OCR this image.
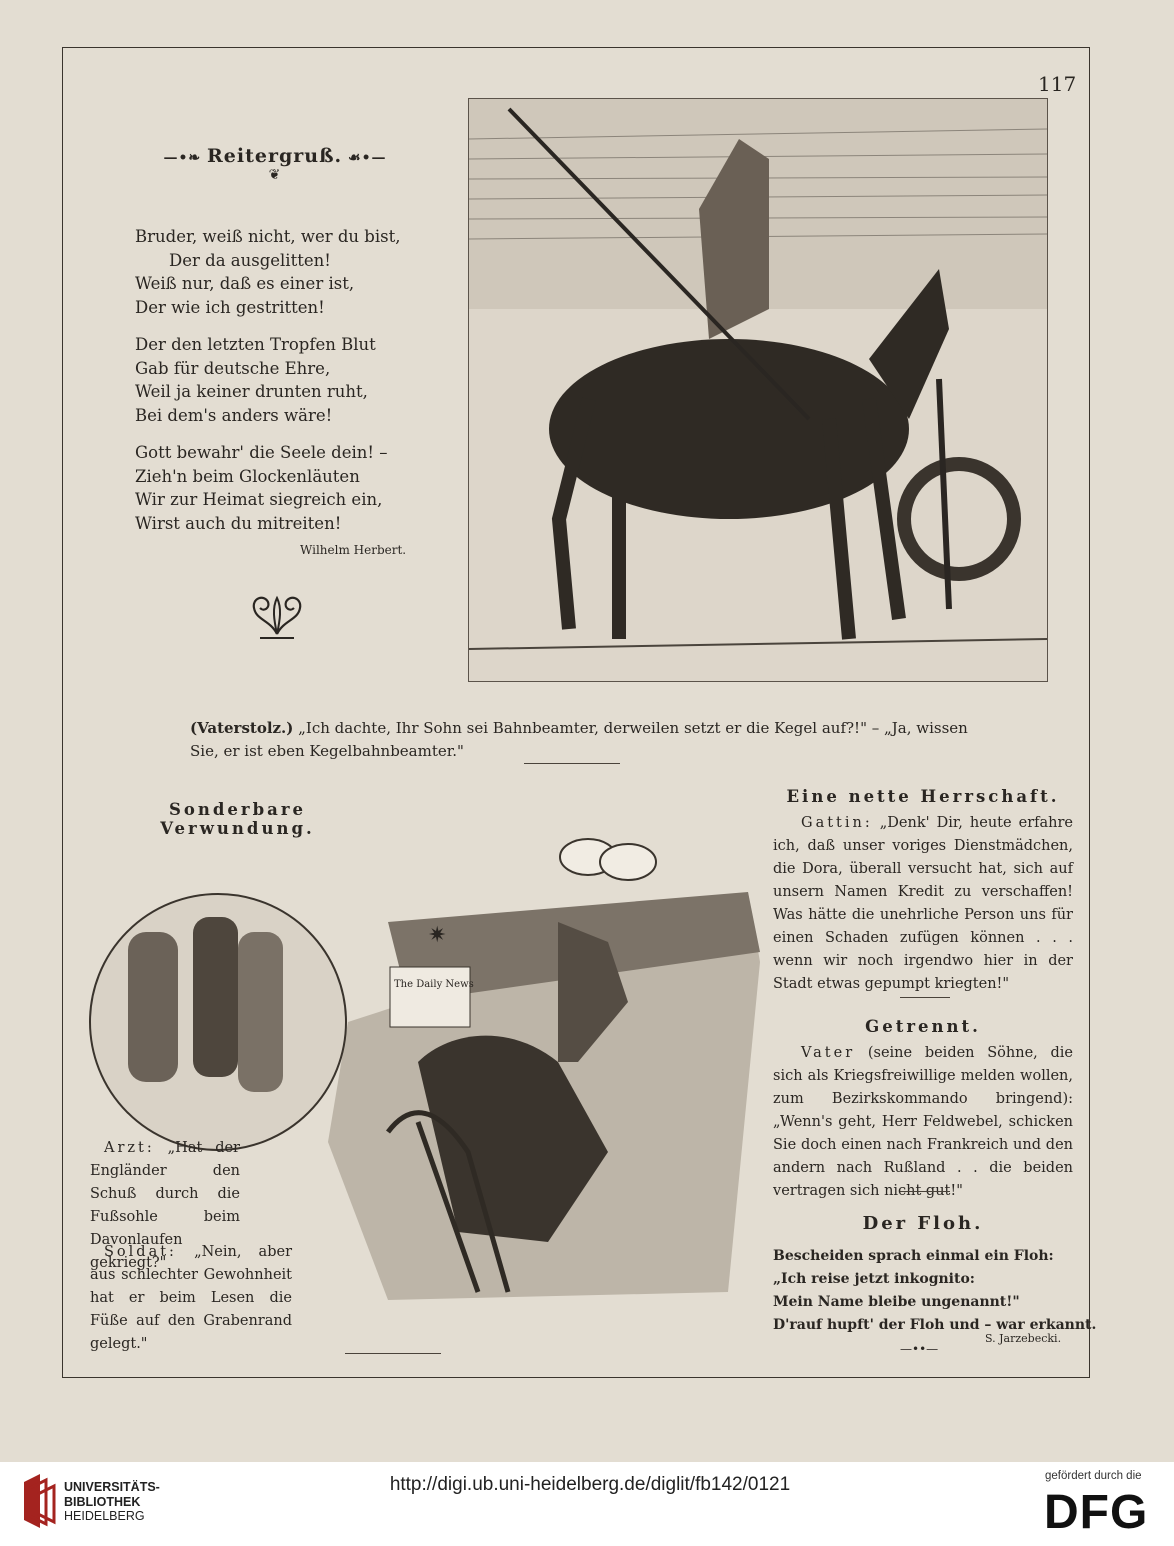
117
—•❧ Reitergruß. ☙•—
❦
Bruder, weiß nicht, wer du bist,
Der da ausgelitten!
Weiß nur, daß es einer ist,
Der wie ich gestritten!
Der den letzten Tropfen Blut
Gab für deutsche Ehre,
Weil ja keiner drunten ruht,
Bei dem's anders wäre!
Gott bewahr' die Seele dein! –
Zieh'n beim Glockenläuten
Wir zur Heimat siegreich ein,
Wirst auch du mitreiten!
Wilhelm Herbert.
(Vaterstolz.) „Ich dachte, Ihr Sohn sei Bahnbeamter, derweilen setzt er die Kegel auf?!" – „Ja, wissen Sie, er ist eben Kegelbahnbeamter."
Sonderbare Verwundung.
The Daily News
✷
Arzt: „Hat der Engländer den Schuß durch die Fußsohle beim Davonlaufen gekriegt?"
Soldat: „Nein, aber aus schlechter Gewohnheit hat er beim Lesen die Füße auf den Grabenrand gelegt."
Eine nette Herrschaft.
Gattin: „Denk' Dir, heute erfahre ich, daß unser voriges Dienstmädchen, die Dora, überall versucht hat, sich auf unsern Namen Kredit zu verschaffen! Was hätte die unehrliche Person uns für einen Schaden zufügen können . . . wenn wir noch irgendwo hier in der Stadt etwas gepumpt kriegten!"
Getrennt.
Vater (seine beiden Söhne, die sich als Kriegsfreiwillige melden wollen, zum Bezirkskommando bringend): „Wenn's geht, Herr Feldwebel, schicken Sie doch einen nach Frankreich und den andern nach Rußland . . die beiden vertragen sich nicht gut!"
Der Floh.
Bescheiden sprach einmal ein Floh:
„Ich reise jetzt inkognito:
Mein Name bleibe ungenannt!"
D'rauf hupft' der Floh und – war erkannt.
S. Jarzebecki.
—••—
UNIVERSITÄTS-
BIBLIOTHEK
HEIDELBERG
http://digi.ub.uni-heidelberg.de/diglit/fb142/0121	gefördert durch die
DFG
